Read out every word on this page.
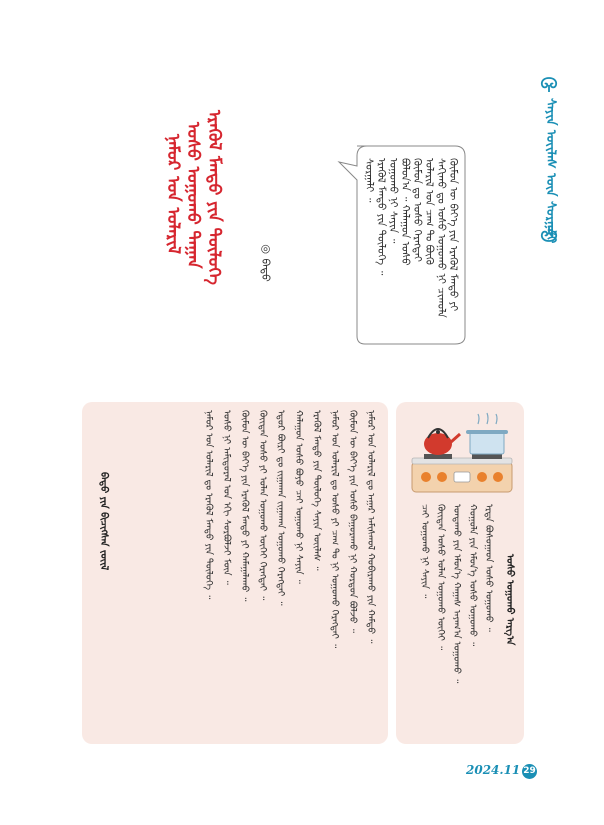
ᠰᠠᠶᠢᠨ ᠦᠢᠯᠡᠰ ᠦᠨ ᠰᠤᠷᠭᠠᠯᠢ
ᠡᠷᠡᠭᠦᠯ ᠮᠡᠨᠳᠦ ᠶᠢᠨ ᠲᠥᠯᠥᠭᠡ
ᠤᠰᠤ ᠤᠭᠤᠬᠤ ᠳᠠᠭᠠᠨ
ᠨᠠᠮᠤᠷ ᠤᠨ ᠤᠯᠠᠷᠢᠯ
◎ ᠪᠠᠲᠤ	ᠬᠦᠮᠦᠨ ᠦ ᠪᠡᠶ᠎ᠡ ᠶᠢᠨ ᠡᠷᠡᠭᠦᠯ ᠮᠡᠨᠳᠦ ᠶᠢ
ᠰᠠᠬᠢᠬᠤ ᠳᠤ ᠤᠰᠤ ᠤᠭᠤᠬᠤ ᠨᠢ ᠴᠢᠬᠤᠯᠠ
ᠤᠯᠠᠷᠢᠯ ᠤᠨ ᠴᠠᠭ ᠲᠤ ᠪᠦᠬᠦ
ᠬᠦᠮᠦᠨ ᠳᠤ ᠤᠰᠤ ᠬᠡᠷᠡᠭᠲᠡᠢ
ᠪᠤᠯᠤᠨ᠎ᠠ ᠃ ᠬᠠᠯᠠᠭᠤᠨ ᠤᠰᠤ
ᠤᠭᠤᠬᠤ ᠨᠢ ᠰᠠᠶᠢᠨ ᠃
ᠡᠷᠡᠭᠦᠯ ᠮᠡᠨᠳᠦ ᠶᠢᠨ ᠲᠥᠯᠥᠭᠡ ᠃
ᠰᠤᠷᠭᠠᠯᠢ ᠃
ᠨᠠᠮᠤᠷ ᠤᠨ ᠤᠯᠠᠷᠢᠯ ᠳᠤ ᠠᠭᠠᠷ ᠠᠮᠢᠰᠬᠤᠯ ᠬᠤᠪᠢᠷᠠᠬᠤ ᠶᠢᠨ ᠬᠠᠮᠲᠤ ᠃
ᠬᠦᠮᠦᠨ ᠦ ᠪᠡᠶ᠎ᠡ ᠶᠢᠨ ᠤᠰᠤ ᠪᠠᠭᠤᠷᠠᠬᠤ ᠨᠢ ᠬᠤᠷᠳᠤᠨ ᠪᠤᠯᠵᠤ ᠃
ᠨᠠᠮᠤᠷ ᠤᠨ ᠤᠯᠠᠷᠢᠯ ᠳᠤ ᠤᠰᠤ ᠶᠢ ᠴᠠᠭ ᠲᠤ ᠨᠢ ᠤᠭᠤᠬᠤ ᠬᠡᠷᠡᠭᠲᠡᠢ ᠃
ᠡᠷᠡᠭᠦᠯ ᠮᠡᠨᠳᠦ ᠶᠢᠨ ᠲᠥᠯᠥᠭᠡ ᠰᠠᠶᠢᠨ ᠦᠢᠯᠡᠰ ᠃
ᠬᠠᠯᠠᠭᠤᠨ ᠤᠰᠤ ᠪᠤᠶᠤ ᠴᠠᠢ ᠤᠭᠤᠬᠤ ᠨᠢ ᠰᠠᠶᠢᠨ ᠃
ᠡᠳᠦᠷ ᠪᠦᠷᠢ ᠳᠤ ᠵᠢᠭᠠᠬᠠᠨ ᠵᠢᠭᠠᠬᠠᠨ ᠤᠭᠤᠬᠤ ᠬᠡᠷᠡᠭᠲᠡᠢ ᠃
ᠬᠦᠢᠲᠡᠨ ᠤᠰᠤ ᠶᠢ ᠣᠯᠠᠨ ᠤᠭᠤᠬᠤ ᠦᠭᠡᠢ ᠬᠡᠷᠡᠭᠲᠡᠢ ᠃
ᠬᠦᠮᠦᠨ ᠦ ᠪᠡᠶ᠎ᠡ ᠶᠢᠨ ᠡᠷᠡᠭᠦᠯ ᠮᠡᠨᠳᠦ ᠶᠢ ᠬᠠᠮᠠᠭᠠᠯᠠᠬᠤ ᠃
ᠤᠰᠤ ᠨᠢ ᠠᠮᠢᠳᠤᠷᠠᠯ ᠤᠨ ᠡᠬᠢ ᠰᠤᠷᠪᠤᠯᠵᠢ ᠮᠥᠨ ᠃
ᠨᠠᠮᠤᠷ ᠤᠨ ᠤᠯᠠᠷᠢᠯ ᠳᠤ ᠡᠷᠡᠭᠦᠯ ᠮᠡᠨᠳᠦ ᠶᠢᠨ ᠲᠥᠯᠥᠭᠡ ᠃
ᠪᠠᠲᠤ ᠶᠢᠨ ᠪᠢᠴᠢᠭᠰᠡᠨ ᠵᠦᠢᠯ
ᠤᠰᠤ ᠤᠭᠤᠬᠤ ᠠᠷᠭ᠎ᠠ
ᠡᠷᠲᠡ ᠪᠣᠰᠤᠭᠠᠳ ᠤᠰᠤ ᠤᠭᠤᠬᠤ ᠃
ᠬᠣᠭᠣᠯᠠ ᠶᠢᠨ ᠡᠮᠦᠨ᠎ᠡ ᠤᠰᠤ ᠤᠭᠤᠬᠤ ᠃
ᠤᠨᠲᠠᠬᠤ ᠶᠢᠨ ᠡᠮᠦᠨ᠎ᠡ ᠬᠠᠭᠠᠰ ᠠᠶᠠᠭ᠎ᠠ ᠤᠭᠤᠬᠤ ᠃
ᠬᠦᠢᠲᠡᠨ ᠤᠰᠤ ᠣᠯᠠᠨ ᠤᠭᠤᠬᠤ ᠦᠭᠡᠢ ᠃
ᠴᠠᠢ ᠤᠭᠤᠬᠤ ᠨᠢ ᠰᠠᠶᠢᠨ ᠃
2024.11 29
